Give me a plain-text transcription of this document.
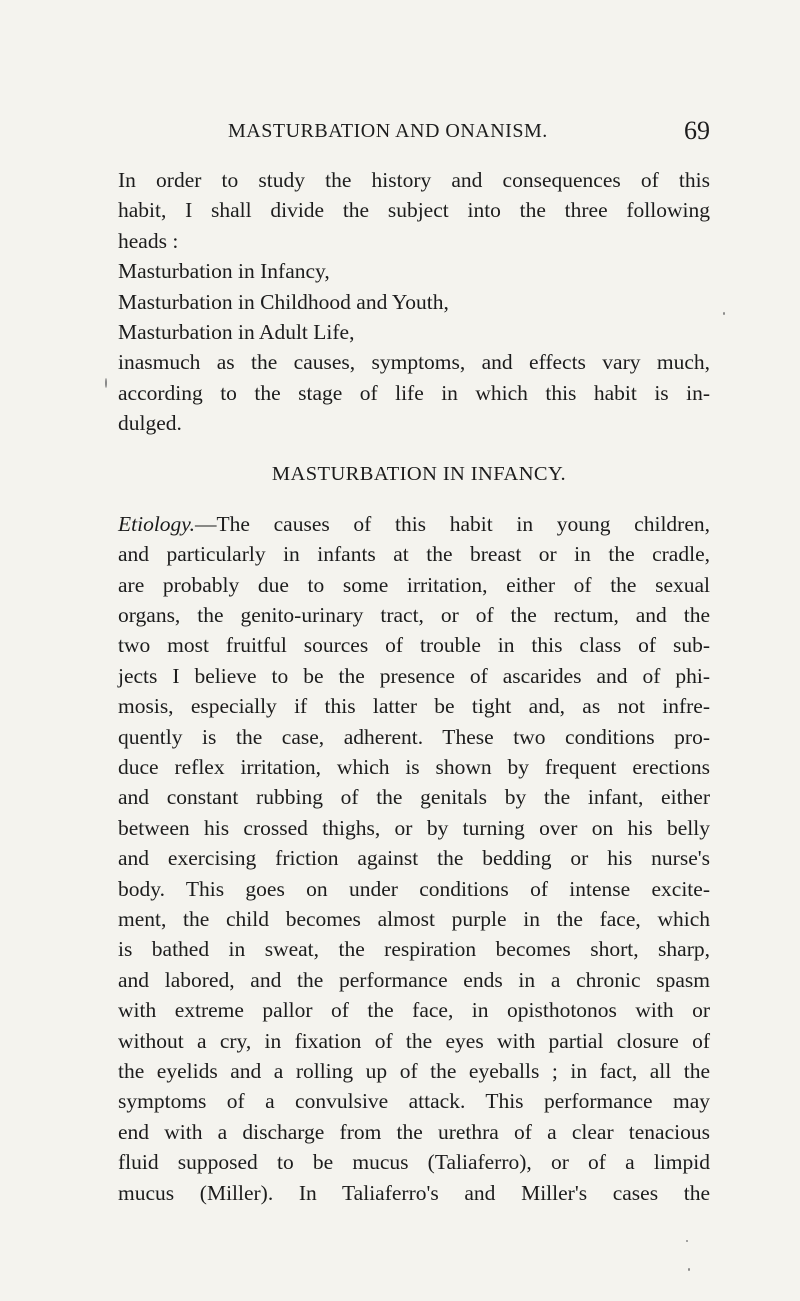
MASTURBATION AND ONANISM.	69
In order to study the history and consequences of this
habit, I shall divide the subject into the three following
heads :
Masturbation in Infancy,
Masturbation in Childhood and Youth,
Masturbation in Adult Life,
inasmuch as the causes, symptoms, and effects vary much,
according to the stage of life in which this habit is in-
dulged.
MASTURBATION IN INFANCY.
Etiology.—The causes of this habit in young children,
and particularly in infants at the breast or in the cradle,
are probably due to some irritation, either of the sexual
organs, the genito-urinary tract, or of the rectum, and the
two most fruitful sources of trouble in this class of sub-
jects I believe to be the presence of ascarides and of phi-
mosis, especially if this latter be tight and, as not infre-
quently is the case, adherent. These two conditions pro-
duce reflex irritation, which is shown by frequent erections
and constant rubbing of the genitals by the infant, either
between his crossed thighs, or by turning over on his belly
and exercising friction against the bedding or his nurse's
body. This goes on under conditions of intense excite-
ment, the child becomes almost purple in the face, which
is bathed in sweat, the respiration becomes short, sharp,
and labored, and the performance ends in a chronic spasm
with extreme pallor of the face, in opisthotonos with or
without a cry, in fixation of the eyes with partial closure of
the eyelids and a rolling up of the eyeballs ; in fact, all the
symptoms of a convulsive attack. This performance may
end with a discharge from the urethra of a clear tenacious
fluid supposed to be mucus (Taliaferro), or of a limpid
mucus (Miller). In Taliaferro's and Miller's cases the
